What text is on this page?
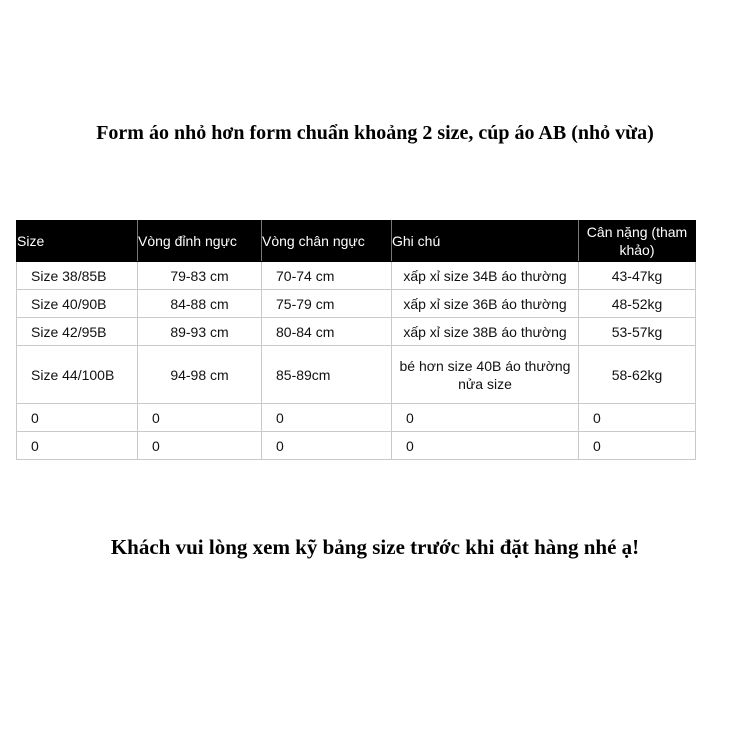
Form áo nhỏ hơn form chuẩn khoảng 2 size, cúp áo AB (nhỏ vừa)
Size	Vòng đỉnh ngực	Vòng chân ngực	Ghi chú	Cân nặng (tham khảo)
Size 38/85B	79-83 cm	70-74 cm	xấp xỉ size 34B áo thường	43-47kg
Size 40/90B	84-88 cm	75-79 cm	xấp xỉ size 36B áo thường	48-52kg
Size 42/95B	89-93 cm	80-84 cm	xấp xỉ size 38B áo thường	53-57kg
Size 44/100B	94-98 cm	85-89cm	bé hơn size 40B áo thường nửa size	58-62kg
0	0	0	0	0
0	0	0	0	0
Khách vui lòng xem kỹ bảng size trước khi đặt hàng nhé ạ!
